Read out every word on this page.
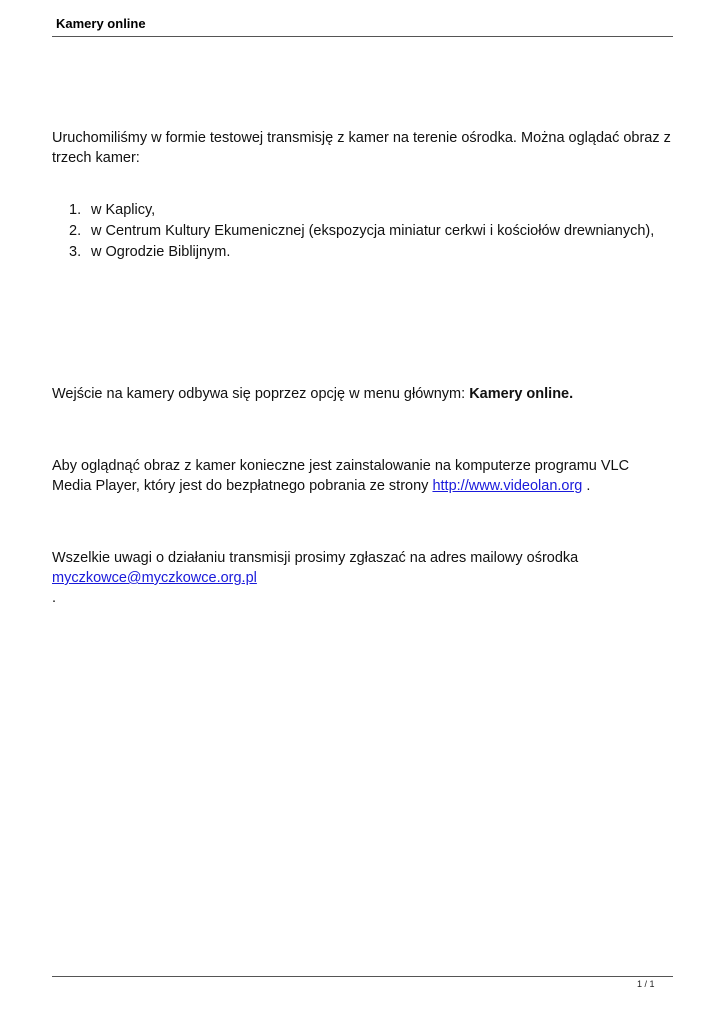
Kamery online

Uruchomiliśmy w formie testowej transmisję z kamer na terenie ośrodka. Można oglądać obraz z trzech kamer:

1. w Kaplicy,
2. w Centrum Kultury Ekumenicznej (ekspozycja miniatur cerkwi i kościołów drewnianych),
3. w Ogrodzie Biblijnym.

Wejście na kamery odbywa się poprzez opcję w menu głównym: Kamery online.

Aby oglądnąć obraz z kamer konieczne jest zainstalowanie na komputerze programu VLC Media Player, który jest do bezpłatnego pobrania ze strony http://www.videolan.org .

Wszelkie uwagi o działaniu transmisji prosimy zgłaszać na adres mailowy ośrodka myczkowce@myczkowce.org.pl
.

1 / 1
